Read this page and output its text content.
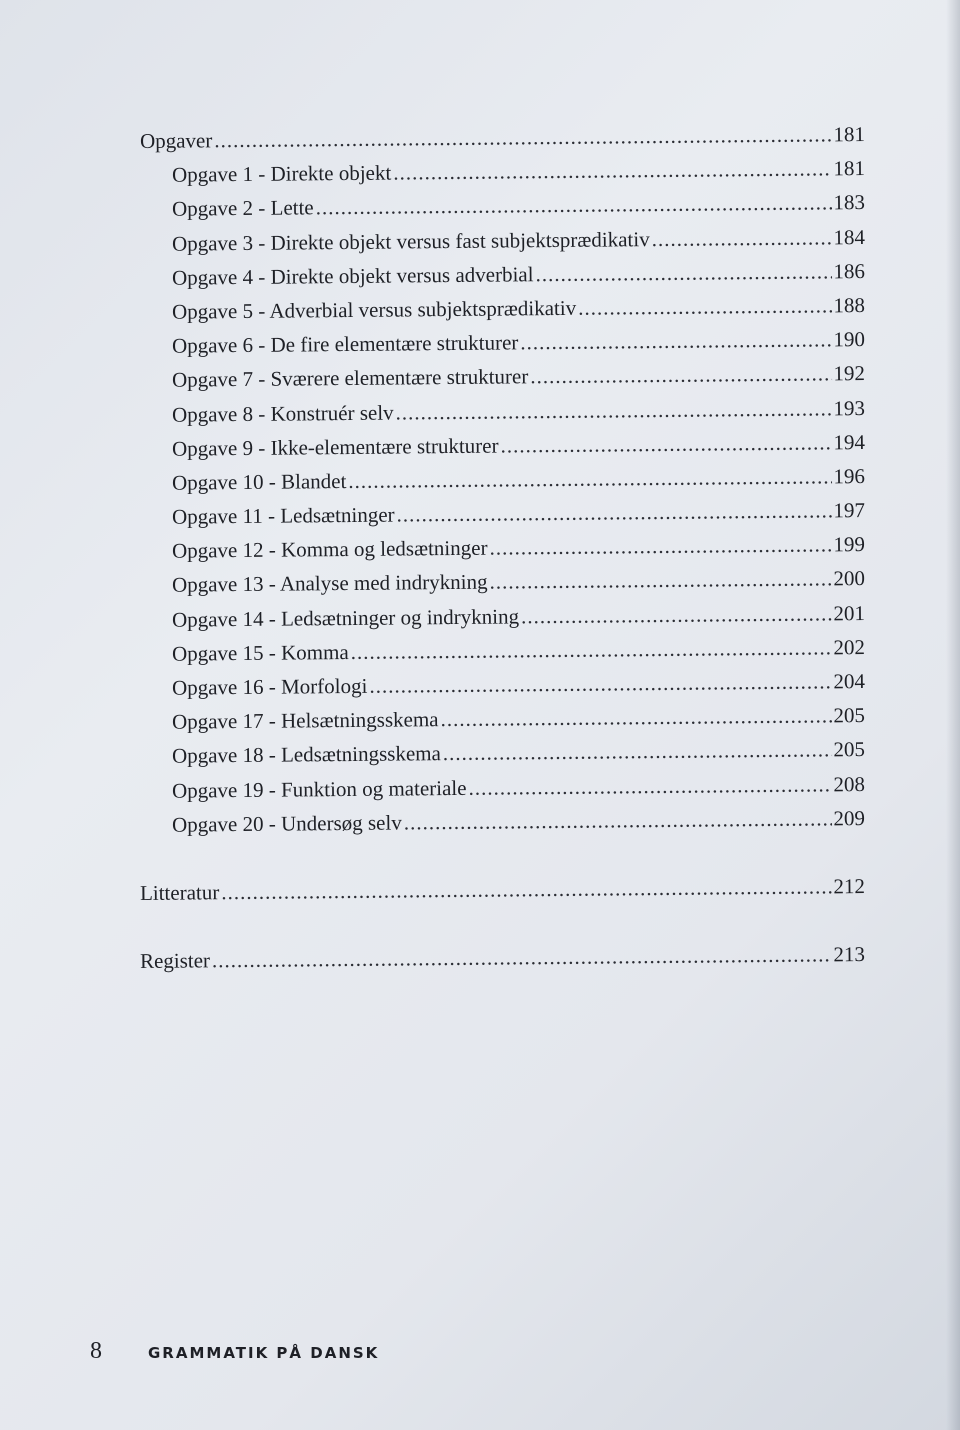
Opgaver .....	181
Opgave 1 - Direkte objekt .....	181
Opgave 2 - Lette .....	183
Opgave 3 - Direkte objekt versus fast subjektsprædikativ .....	184
Opgave 4 - Direkte objekt versus adverbial .....	186
Opgave 5 - Adverbial versus subjektsprædikativ .....	188
Opgave 6 - De fire elementære strukturer .....	190
Opgave 7 - Sværere elementære strukturer .....	192
Opgave 8 - Konstruér selv .....	193
Opgave 9 - Ikke-elementære strukturer .....	194
Opgave 10 - Blandet .....	196
Opgave 11 - Ledsætninger .....	197
Opgave 12 - Komma og ledsætninger .....	199
Opgave 13 - Analyse med indrykning .....	200
Opgave 14 - Ledsætninger og indrykning .....	201
Opgave 15 - Komma .....	202
Opgave 16 - Morfologi .....	204
Opgave 17 - Helsætningsskema .....	205
Opgave 18 - Ledsætningsskema .....	205
Opgave 19 - Funktion og materiale .....	208
Opgave 20 - Undersøg selv .....	209
Litteratur .....	212
Register .....	213
8	GRAMMATIK PÅ DANSK
